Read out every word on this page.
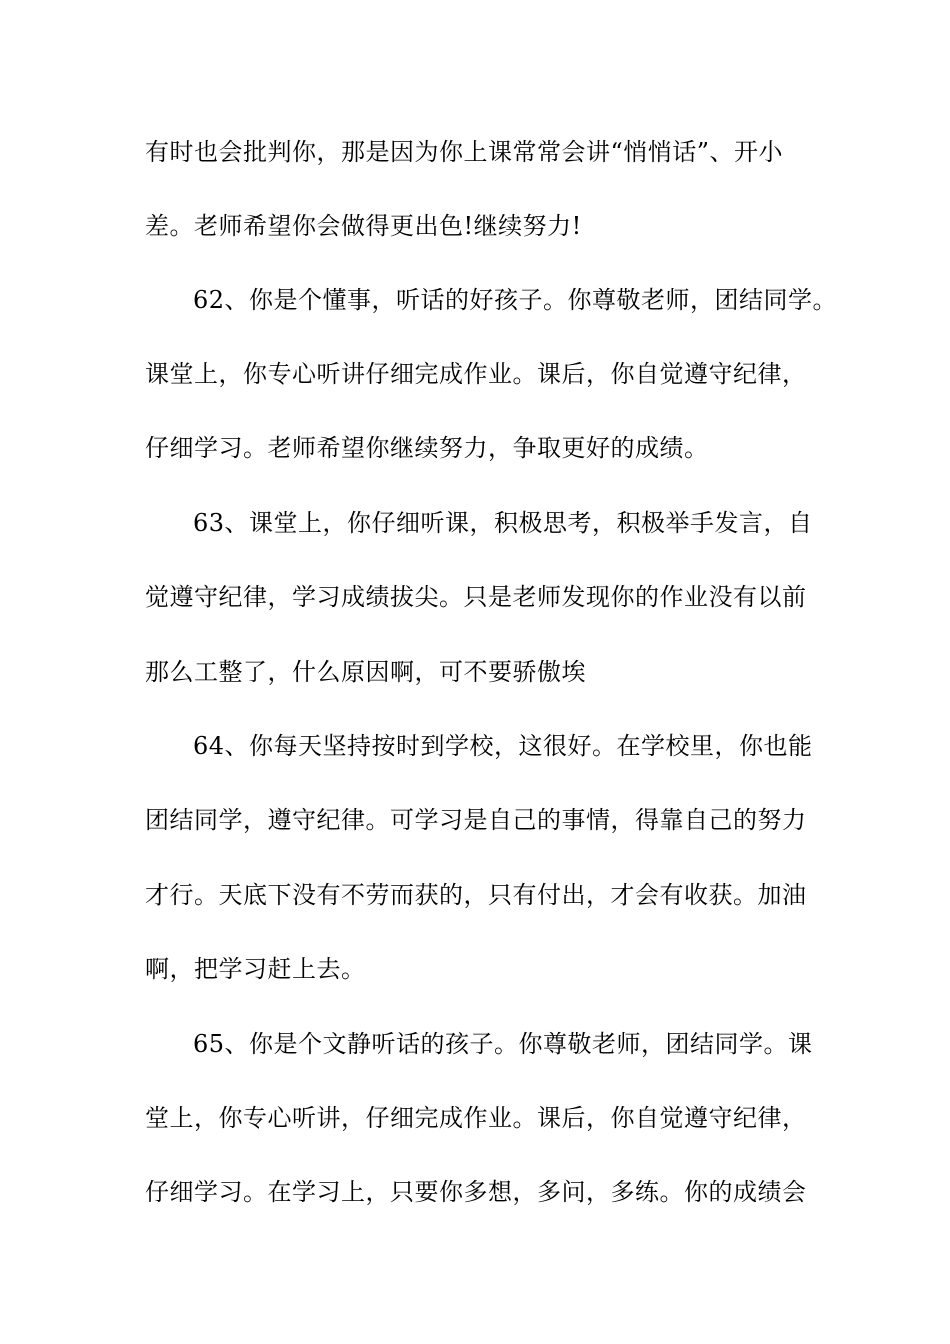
有时也会批判你，那是因为你上课常常会讲“悄悄话”、开小
差。老师希望你会做得更出色!继续努力!
62、你是个懂事，听话的好孩子。你尊敬老师，团结同学。
课堂上，你专心听讲仔细完成作业。课后，你自觉遵守纪律，
仔细学习。老师希望你继续努力，争取更好的成绩。
63、课堂上，你仔细听课，积极思考，积极举手发言，自
觉遵守纪律，学习成绩拔尖。只是老师发现你的作业没有以前
那么工整了，什么原因啊，可不要骄傲埃
64、你每天坚持按时到学校，这很好。在学校里，你也能
团结同学，遵守纪律。可学习是自己的事情，得靠自己的努力
才行。天底下没有不劳而获的，只有付出，才会有收获。加油
啊，把学习赶上去。
65、你是个文静听话的孩子。你尊敬老师，团结同学。课
堂上，你专心听讲，仔细完成作业。课后，你自觉遵守纪律，
仔细学习。在学习上，只要你多想，多问，多练。你的成绩会
